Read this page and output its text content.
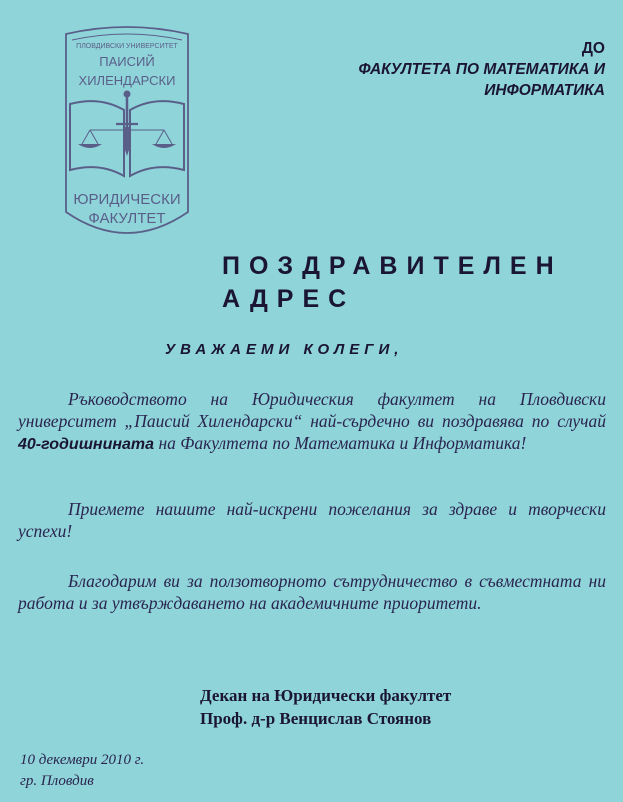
ПЛОВДИВСКИ УНИВЕРСИТЕТ
ПАИСИЙ
ХИЛЕНДАРСКИ
ЮРИДИЧЕСКИ
ФАКУЛТЕТ
ДО
ФАКУЛТЕТА ПО МАТЕМАТИКА И
ИНФОРМАТИКА
ПОЗДРАВИТЕЛЕН
АДРЕС
УВАЖАЕМИ КОЛЕГИ,

Ръководството на Юридическия факултет на Пловдивски университет „Паисий Хилендарски“ най-сърдечно ви поздравява по случай 40-годишнината на Факултета по Математика и Информатика!

Приемете нашите най-искрени пожелания за здраве и творчески успехи!

Благодарим ви за ползотворното сътрудничество в съвместната ни работа и за утвърждаването на академичните приоритети.

Декан на Юридически факултет
Проф. д-р Венцислав Стоянов
10 декември 2010 г.
гр. Пловдив
